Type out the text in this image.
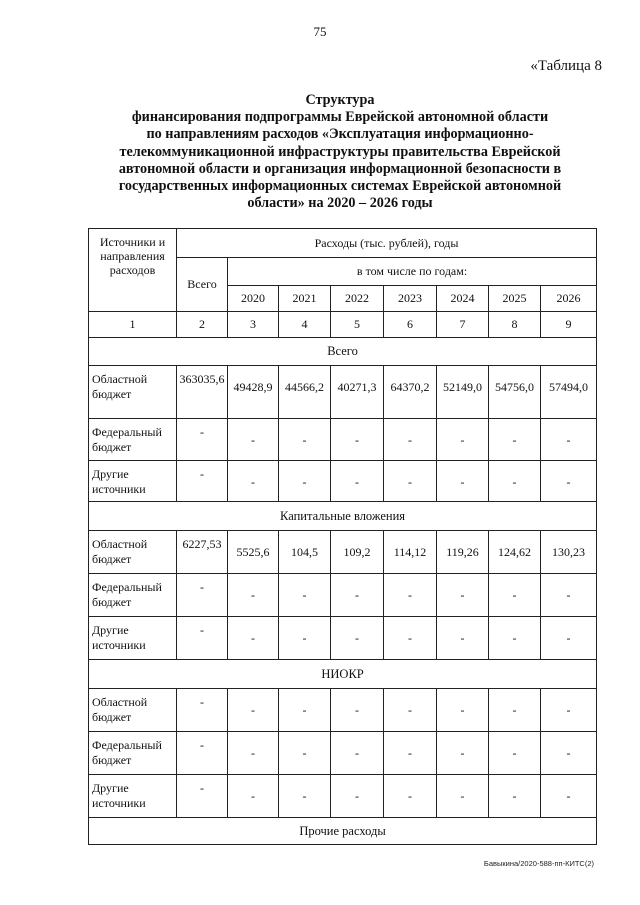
75
«Таблица 8
Структура
финансирования подпрограммы Еврейской автономной области
по направлениям расходов «Эксплуатация информационно-
телекоммуникационной инфраструктуры правительства Еврейской
автономной области и организация информационной безопасности в
государственных информационных системах Еврейской автономной
области» на 2020 – 2026 годы
Источники и направления расходов	Расходы (тыс. рублей), годы							
	Всего	в том числе по годам:						
		2020	2021	2022	2023	2024	2025	2026
1	2	3	4	5	6	7	8	9
Всего								
Областной бюджет	363035,6	49428,9	44566,2	40271,3	64370,2	52149,0	54756,0	57494,0
Федеральный бюджет	-	-	-	-	-	-	-	-
Другие источники	-	-	-	-	-	-	-	-
Капитальные вложения								
Областной бюджет	6227,53	5525,6	104,5	109,2	114,12	119,26	124,62	130,23
Федеральный бюджет	-	-	-	-	-	-	-	-
Другие источники	-	-	-	-	-	-	-	-
НИОКР								
Областной бюджет	-	-	-	-	-	-	-	-
Федеральный бюджет	-	-	-	-	-	-	-	-
Другие источники	-	-	-	-	-	-	-	-
Прочие расходы								
Бавыкина/2020-588-пп-КИТС(2)
